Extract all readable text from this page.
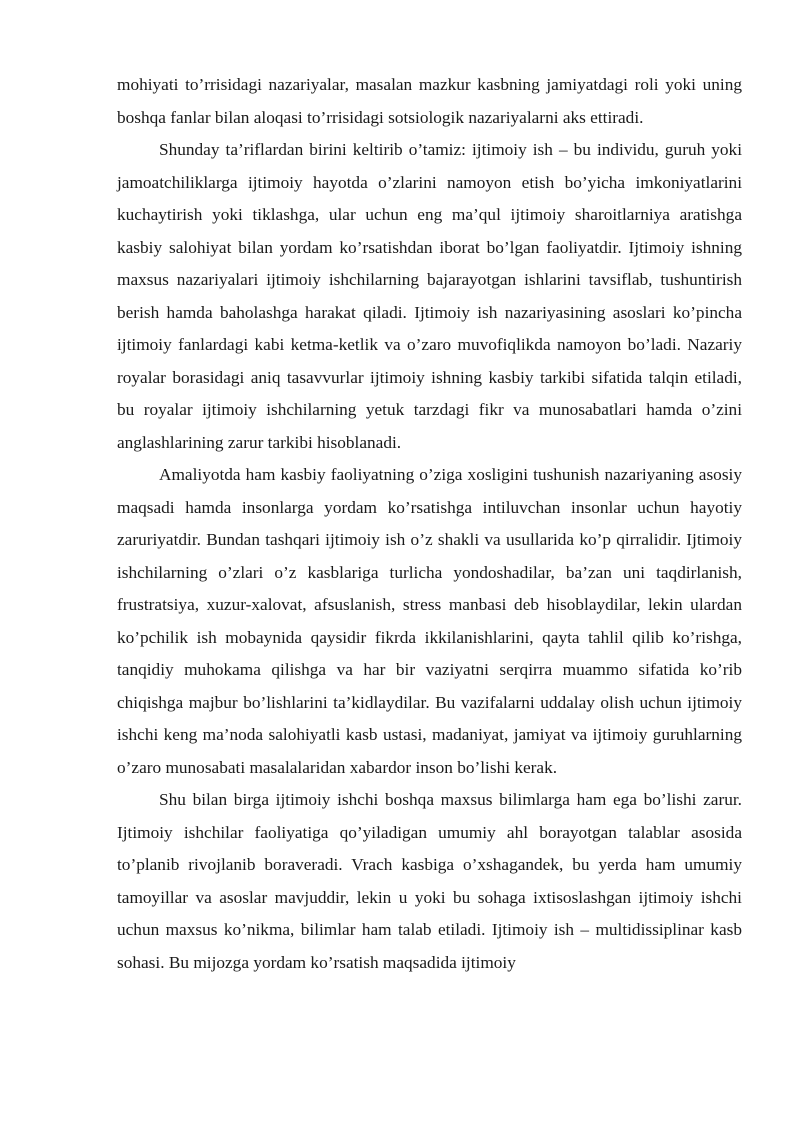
mohiyati to’rrisidagi nazariyalar, masalan mazkur kasbning jamiyatdagi roli yoki uning boshqa fanlar bilan aloqasi to’rrisidagi sotsiologik nazariyalarni aks ettiradi.

Shunday ta’riflardan birini keltirib o’tamiz: ijtimoiy ish – bu individu, guruh yoki jamoatchiliklarga ijtimoiy hayotda o’zlarini namoyon etish bo’yicha imkoniyatlarini kuchaytirish yoki tiklashga, ular uchun eng ma’qul ijtimoiy sharoitlarniya aratishga kasbiy salohiyat bilan yordam ko’rsatishdan iborat bo’lgan faoliyatdir. Ijtimoiy ishning maxsus nazariyalari ijtimoiy ishchilarning bajarayotgan ishlarini tavsiflab, tushuntirish berish hamda baholashga harakat qiladi. Ijtimoiy ish nazariyasining asoslari ko’pincha ijtimoiy fanlardagi kabi ketma-ketlik va o’zaro muvofiqlikda namoyon bo’ladi. Nazariy royalar borasidagi aniq tasavvurlar ijtimoiy ishning kasbiy tarkibi sifatida talqin etiladi, bu royalar ijtimoiy ishchilarning yetuk tarzdagi fikr va munosabatlari hamda o’zini anglashlarining zarur tarkibi hisoblanadi.

Amaliyotda ham kasbiy faoliyatning o’ziga xosligini tushunish nazariyaning asosiy maqsadi hamda insonlarga yordam ko’rsatishga intiluvchan insonlar uchun hayotiy zaruriyatdir. Bundan tashqari ijtimoiy ish o’z shakli va usullarida ko’p qirralidir. Ijtimoiy ishchilarning o’zlari o’z kasblariga turlicha yondoshadilar, ba’zan uni taqdirlanish, frustratsiya, xuzur-xalovat, afsuslanish, stress manbasi deb hisoblaydilar, lekin ulardan ko’pchilik ish mobaynida qaysidir fikrda ikkilanishlarini, qayta tahlil qilib ko’rishga, tanqidiy muhokama qilishga va har bir vaziyatni serqirra muammo sifatida ko’rib chiqishga majbur bo’lishlarini ta’kidlaydilar. Bu vazifalarni uddalay olish uchun ijtimoiy ishchi keng ma’noda salohiyatli kasb ustasi, madaniyat, jamiyat va ijtimoiy guruhlarning o’zaro munosabati masalalaridan xabardor inson bo’lishi kerak.

Shu bilan birga ijtimoiy ishchi boshqa maxsus bilimlarga ham ega bo’lishi zarur. Ijtimoiy ishchilar faoliyatiga qo’yiladigan umumiy ahl borayotgan talablar asosida to’planib rivojlanib boraveradi. Vrach kasbiga o’xshagandek, bu yerda ham umumiy tamoyillar va asoslar mavjuddir, lekin u yoki bu sohaga ixtisoslashgan ijtimoiy ishchi uchun maxsus ko’nikma, bilimlar ham talab etiladi. Ijtimoiy ish – multidissiplinar kasb sohasi. Bu mijozga yordam ko’rsatish maqsadida ijtimoiy
